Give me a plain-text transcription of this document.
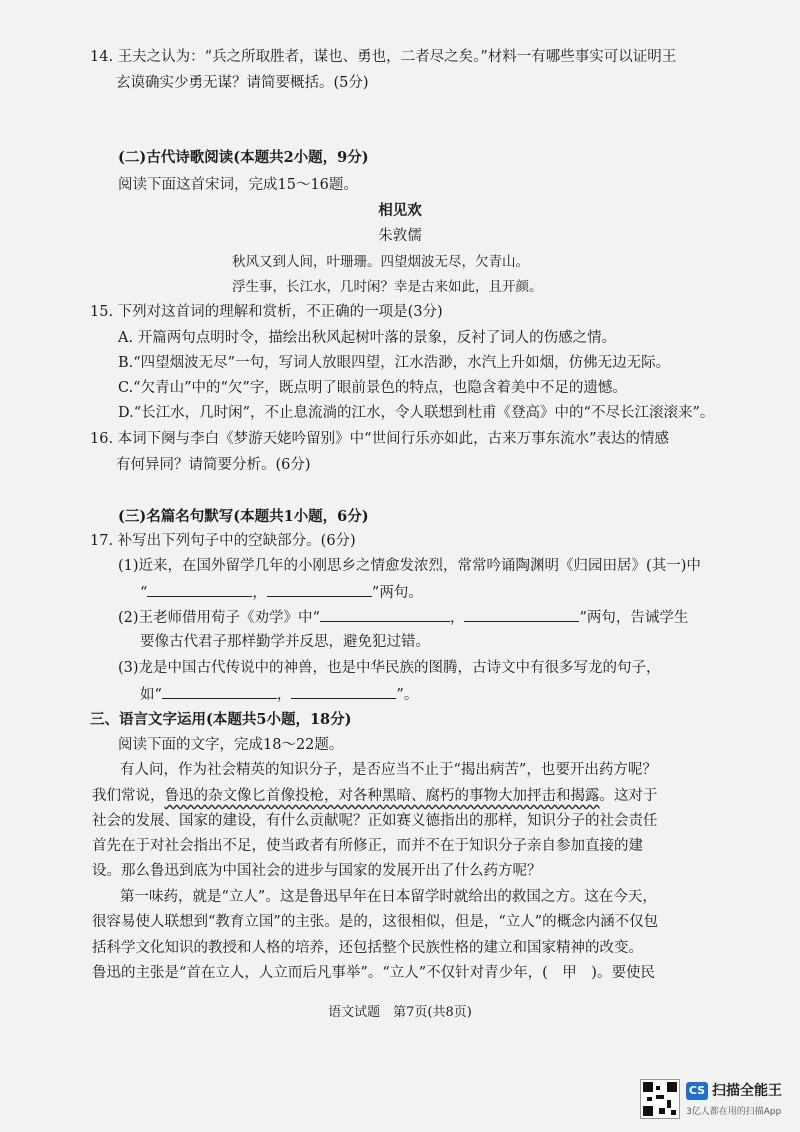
14. 王夫之认为：“兵之所取胜者，谋也、勇也，二者尽之矣。”材料一有哪些事实可以证明王
玄谟确实少勇无谋？请简要概括。(5分)
(二)古代诗歌阅读(本题共2小题，9分)
阅读下面这首宋词，完成15～16题。
相见欢
朱敦儒
秋风又到人间，叶珊珊。四望烟波无尽，欠青山。
浮生事，长江水，几时闲？幸是古来如此，且开颜。
15. 下列对这首词的理解和赏析，不正确的一项是(3分)
A. 开篇两句点明时令，描绘出秋风起树叶落的景象，反衬了词人的伤感之情。
B.“四望烟波无尽”一句，写词人放眼四望，江水浩渺，水汽上升如烟，仿佛无边无际。
C.“欠青山”中的“欠”字，既点明了眼前景色的特点，也隐含着美中不足的遗憾。
D.“长江水，几时闲”，不止息流淌的江水，令人联想到杜甫《登高》中的“不尽长江滚滚来”。
16. 本词下阕与李白《梦游天姥吟留别》中“世间行乐亦如此，古来万事东流水”表达的情感
有何异同？请简要分析。(6分)
(三)名篇名句默写(本题共1小题，6分)
17. 补写出下列句子中的空缺部分。(6分)
(1)近来，在国外留学几年的小刚思乡之情愈发浓烈，常常吟诵陶渊明《归园田居》(其一)中
“	，	”两句。
(2)王老师借用荀子《劝学》中“	，	”两句，告诫学生
要像古代君子那样勤学并反思，避免犯过错。
(3)龙是中国古代传说中的神兽，也是中华民族的图腾，古诗文中有很多写龙的句子，
如“	，	”。
三、语言文字运用(本题共5小题，18分)
阅读下面的文字，完成18～22题。
有人问，作为社会精英的知识分子，是否应当不止于“揭出病苦”，也要开出药方呢？
我们常说，鲁迅的杂文像匕首像投枪，对各种黑暗、腐朽的事物大加抨击和揭露。这对于
社会的发展、国家的建设，有什么贡献呢？正如赛义德指出的那样，知识分子的社会责任
首先在于对社会指出不足，使当政者有所修正，而并不在于知识分子亲自参加直接的建
设。那么鲁迅到底为中国社会的进步与国家的发展开出了什么药方呢？
第一味药，就是“立人”。这是鲁迅早年在日本留学时就给出的救国之方。这在今天，
很容易使人联想到“教育立国”的主张。是的，这很相似，但是，“立人”的概念内涵不仅包
括科学文化知识的教授和人格的培养，还包括整个民族性格的建立和国家精神的改变。
鲁迅的主张是“首在立人，人立而后凡事举”。“立人”不仅针对青少年，(　甲　)。要使民
语文试题　第7页(共8页)
CS 扫描全能王
3亿人都在用的扫描App
